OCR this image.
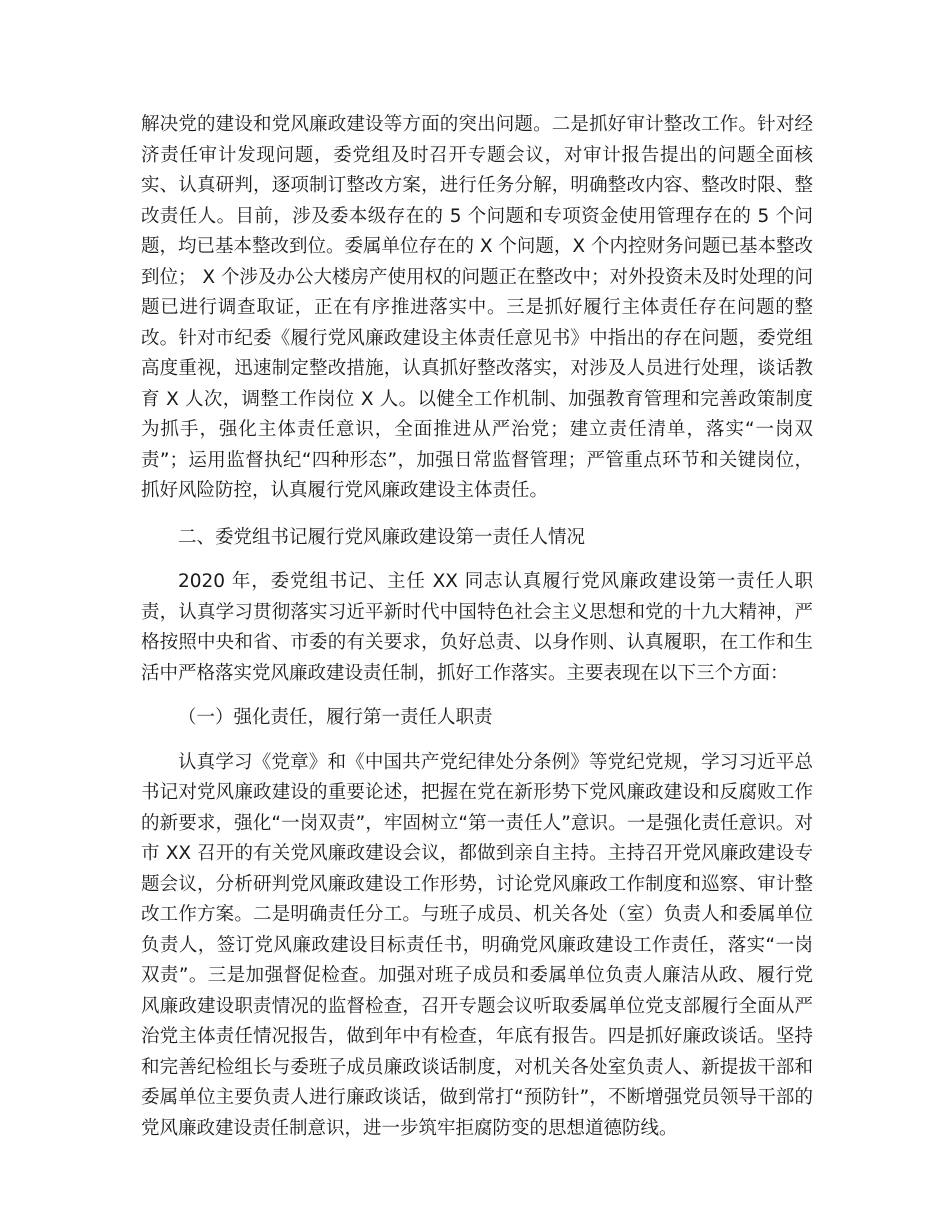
解决党的建设和党风廉政建设等方面的突出问题。二是抓好审计整改工作。针对经济责任审计发现问题，委党组及时召开专题会议，对审计报告提出的问题全面核实、认真研判，逐项制订整改方案，进行任务分解，明确整改内容、整改时限、整改责任人。目前，涉及委本级存在的 5 个问题和专项资金使用管理存在的 5 个问题，均已基本整改到位。委属单位存在的 X 个问题，X 个内控财务问题已基本整改到位； X 个涉及办公大楼房产使用权的问题正在整改中；对外投资未及时处理的问题已进行调查取证，正在有序推进落实中。三是抓好履行主体责任存在问题的整改。针对市纪委《履行党风廉政建设主体责任意见书》中指出的存在问题，委党组高度重视，迅速制定整改措施，认真抓好整改落实，对涉及人员进行处理，谈话教育 X 人次，调整工作岗位 X 人。以健全工作机制、加强教育管理和完善政策制度为抓手，强化主体责任意识，全面推进从严治党；建立责任清单，落实“一岗双责”；运用监督执纪“四种形态”，加强日常监督管理；严管重点环节和关键岗位，抓好风险防控，认真履行党风廉政建设主体责任。

二、委党组书记履行党风廉政建设第一责任人情况

2020 年，委党组书记、主任 XX 同志认真履行党风廉政建设第一责任人职责，认真学习贯彻落实习近平新时代中国特色社会主义思想和党的十九大精神，严格按照中央和省、市委的有关要求，负好总责、以身作则、认真履职，在工作和生活中严格落实党风廉政建设责任制，抓好工作落实。主要表现在以下三个方面：

（一）强化责任，履行第一责任人职责

认真学习《党章》和《中国共产党纪律处分条例》等党纪党规，学习习近平总书记对党风廉政建设的重要论述，把握在党在新形势下党风廉政建设和反腐败工作的新要求，强化“一岗双责”，牢固树立“第一责任人”意识。一是强化责任意识。对市 XX 召开的有关党风廉政建设会议，都做到亲自主持。主持召开党风廉政建设专题会议，分析研判党风廉政建设工作形势，讨论党风廉政工作制度和巡察、审计整改工作方案。二是明确责任分工。与班子成员、机关各处（室）负责人和委属单位负责人，签订党风廉政建设目标责任书，明确党风廉政建设工作责任，落实“一岗双责”。三是加强督促检查。加强对班子成员和委属单位负责人廉洁从政、履行党风廉政建设职责情况的监督检查，召开专题会议听取委属单位党支部履行全面从严治党主体责任情况报告，做到年中有检查，年底有报告。四是抓好廉政谈话。坚持和完善纪检组长与委班子成员廉政谈话制度，对机关各处室负责人、新提拔干部和委属单位主要负责人进行廉政谈话，做到常打“预防针”，不断增强党员领导干部的党风廉政建设责任制意识，进一步筑牢拒腐防变的思想道德防线。
